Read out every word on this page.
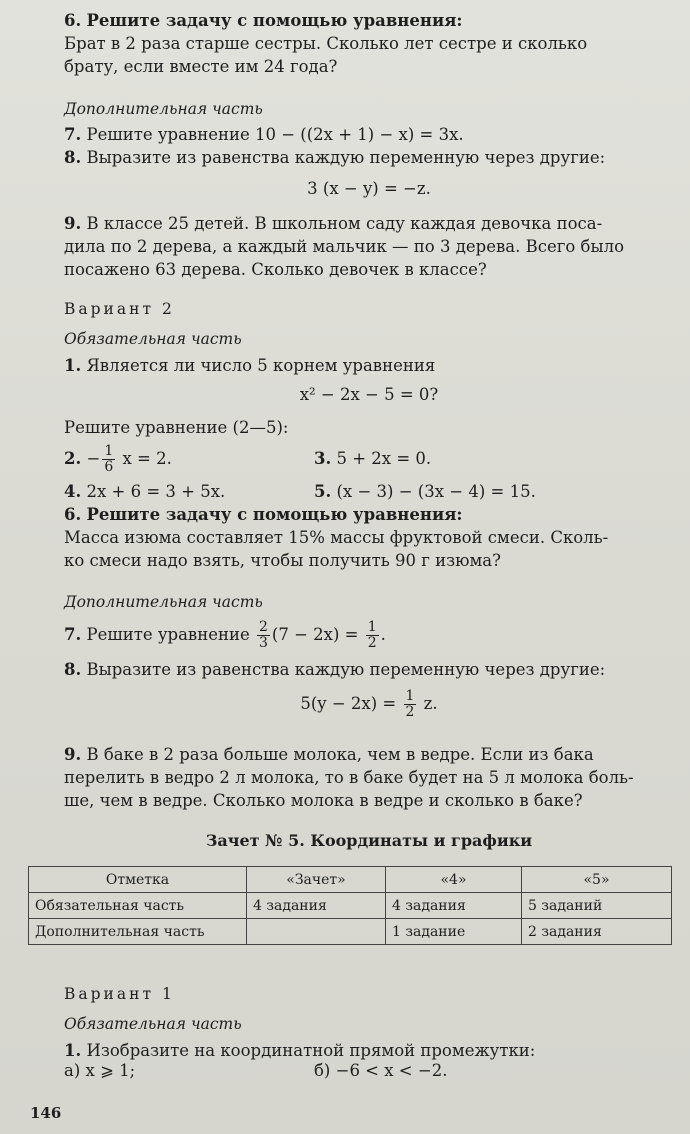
6. Решите задачу с помощью уравнения:
Брат в 2 раза старше сестры. Сколько лет сестре и сколько
брату, если вместе им 24 года?
Дополнительная часть
7. Решите уравнение 10 − ((2x + 1) − x) = 3x.
8. Выразите из равенства каждую переменную через другие:
3 (x − y) = −z.
9. В классе 25 детей. В школьном саду каждая девочка поса-
дила по 2 дерева, а каждый мальчик — по 3 дерева. Всего было
посажено 63 дерева. Сколько девочек в классе?
Вариант 2
Обязательная часть
1. Является ли число 5 корнем уравнения
x² − 2x − 5 = 0?
Решите уравнение (2—5):
2. − $\frac{1}{6}$ x = 2.	3. 5 + 2x = 0.
4. 2x + 6 = 3 + 5x.	5. (x − 3) − (3x − 4) = 15.
6. Решите задачу с помощью уравнения:
Масса изюма составляет 15% массы фруктовой смеси. Сколь-
ко смеси надо взять, чтобы получить 90 г изюма?
Дополнительная часть
7. Решите уравнение $\frac{2}{3} (7 - 2x) = \frac{1}{2}$ .
8. Выразите из равенства каждую переменную через другие:
$5(y - 2x) = \frac{1}{2} z$.
9. В баке в 2 раза больше молока, чем в ведре. Если из бака
перелить в ведро 2 л молока, то в баке будет на 5 л молока боль-
ше, чем в ведре. Сколько молока в ведре и сколько в баке?
Зачет № 5. Координаты и графики
Отметка	«Зачет»	«4»	«5»
Обязательная часть	4 задания	4 задания	5 заданий
Дополнительная часть		1 задание	2 задания
Вариант 1
Обязательная часть
1. Изобразите на координатной прямой промежутки:
а) x ⩾ 1;	б) −6 < x < −2.
146
